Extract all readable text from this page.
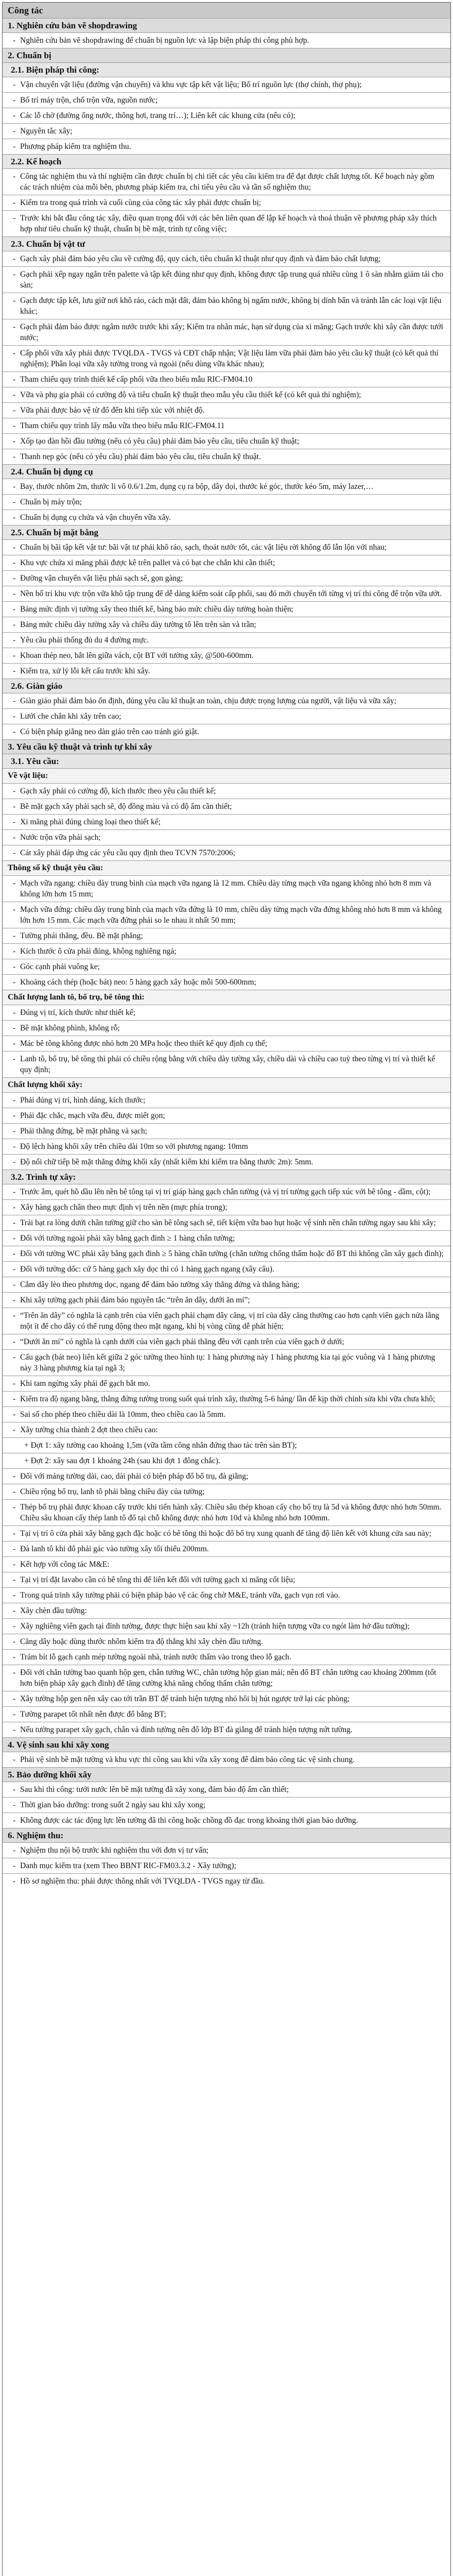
Công tác
1. Nghiên cứu bản vẽ shopdrawing
- Nghiên cứu bản vẽ shopdrawing để chuẩn bị nguồn lực và lập biện pháp thi công phù hợp.
2. Chuẩn bị
2.1. Biện pháp thi công:
- Vận chuyển vật liệu (đường vận chuyển) và khu vực tập kết vật liệu; Bố trí nguồn lực (thợ chính, thợ phụ);
- Bố trí máy trộn, chổ trộn vữa, nguồn nước;
- Các lỗ chờ (đường ống nước, thông hơi, trang trí…); Liên kết các khung cửa (nếu có);
- Nguyên tắc xây;
- Phương pháp kiểm tra nghiệm thu.
2.2. Kế hoạch
- Công tác nghiệm thu và thí nghiệm cần được chuẩn bị chi tiết các yêu cầu kiểm tra để đạt được chất lượng tốt. Kế hoạch này gồm các trách nhiệm của mỗi bên, phương pháp kiểm tra, chỉ tiêu yêu cầu và tần số nghiệm thu;
- Kiểm tra trong quá trình và cuối cùng của công tác xây phải được chuẩn bị;
- Trước khi bắt đầu công tác xây, điều quan trọng đối với các bên liên quan để lập kế hoạch và thoả thuận về phương pháp xây thích hợp như tiêu chuẩn kỹ thuật, chuẩn bị bề mặt, trình tự công việc;
2.3. Chuẩn bị vật tư
- Gạch xây phải đảm bảo yêu cầu về cường độ, quy cách, tiêu chuẩn kĩ thuật như quy định và đảm bảo chất lượng;
- Gạch phải xếp ngay ngắn trên palette và tập kết đúng như quy định, không được tập trung quá nhiều cùng 1 ô sàn nhằm giảm tải cho sàn;
- Gạch được tập kết, lưu giữ nơi khô ráo, cách mặt đất, đảm bảo không bị ngấm nước, không bị dính bẩn và tránh lẫn các loại vật liệu khác;
- Gạch phải đảm bảo được ngâm nước trước khi xây; Kiểm tra nhãn mác, hạn sử dụng của xi măng; Gạch trước khi xây cần được tưới nước;
- Cấp phối vữa xây phải được TVQLDA - TVGS và CĐT chấp nhận; Vật liệu làm vữa phải đảm bảo yêu cầu kỹ thuật (có kết quả thí nghiệm); Phân loại vữa xây tường trong và ngoài (nếu dùng vữa khác nhau);
- Tham chiếu quy trình thiết kế cấp phối vữa theo biểu mẫu RIC-FM04.10
- Vữa và phụ gia phải có cường độ và tiêu chuẩn kỹ thuật theo mẫu yêu cầu thiết kế (có kết quả thí nghiệm);
- Vữa phải được bảo vệ từ đổ đến khi tiếp xúc với nhiệt độ.
- Tham chiếu quy trình lấy mẫu vữa theo biểu mẫu RIC-FM04.11
- Xốp tạo đàn hồi đầu tường (nếu có yêu cầu) phải đảm bảo yêu cầu, tiêu chuẩn kỹ thuật;
- Thanh nẹp góc (nếu có yêu cầu) phải đảm bảo yêu cầu, tiêu chuẩn kỹ thuật.
2.4. Chuẩn bị dụng cụ
- Bay, thước nhôm 2m, thước li vô 0.6/1.2m, dụng cụ ra bộp, dây dọi, thước kẻ góc, thước kéo 5m, máy lazer,…
- Chuẩn bị máy trộn;
- Chuẩn bị dụng cụ chứa và vận chuyển vữa xây.
2.5. Chuẩn bị mặt bằng
- Chuẩn bị bãi tập kết vật tư: bãi vật tư phải khô ráo, sạch, thoát nước tốt, các vật liệu rời không đổ lẫn lộn với nhau;
- Khu vực chứa xi măng phải được kê trên pallet và có bạt che chắn khi cần thiết;
- Đường vận chuyển vật liệu phải sạch sẽ, gọn gàng;
- Nền bố trí khu vực trộn vữa khô tập trung để dễ dàng kiểm soát cấp phối, sau đó mới chuyển tới từng vị trí thi công để trộn vữa ướt.
- Bảng mức định vị tường xây theo thiết kế, bảng bảo mức chiều dày tường hoàn thiện;
- Bảng mức chiều dày tường xây và chiều dày tường tô lên trên sàn và trần;
- Yêu cầu phải thống đủ du 4 đường mực.
- Khoan thép neo, bắt lên giữa vách, cột BT với tường xây, @500-600mm.
- Kiểm tra, xử lý lỗi kết cấu trước khi xây.
2.6. Giàn giáo
- Giàn giáo phải đảm bảo ổn định, đúng yêu cầu kĩ thuật an toàn, chịu được trọng lượng của người, vật liệu và vữa xây;
- Lưới che chắn khi xây trên cao;
- Có biện pháp giằng neo dàn giáo trên cao tránh gió giật.
3. Yêu cầu kỹ thuật và trình tự khi xây
3.1. Yêu cầu:
Về vật liệu:
- Gạch xây phải có cường độ, kích thước theo yêu cầu thiết kế;
- Bề mặt gạch xây phải sạch sẽ, độ đồng màu và có độ ẩm cần thiết;
- Xi măng phải đúng chủng loại theo thiết kế;
- Nước trộn vữa phải sạch;
- Cát xây phải đáp ứng các yêu cầu quy định theo TCVN 7570:2006;
Thông số kỹ thuật yêu cầu:
- Mạch vữa ngang: chiều dày trung bình của mạch vữa ngang là 12 mm. Chiều dày từng mạch vữa ngang không nhỏ hơn 8 mm và không lớn hơn 15 mm;
- Mạch vữa đứng: chiều dày trung bình của mạch vữa đứng là 10 mm, chiều dày từng mạch vữa đứng không nhỏ hơn 8 mm và không lớn hơn 15 mm. Các mạch vữa đứng phải so le nhau ít nhất 50 mm;
- Tường phải thẳng, đều. Bề mặt phẳng;
- Kích thước ô cửa phải đúng, không nghiêng ngả;
- Góc cạnh phải vuông ke;
- Khoảng cách thép (hoặc bát) neo: 5 hàng gạch xây hoặc mỗi 500-600mm;
Chất lượng lanh tô, bổ trụ, bê tông thì:
- Đúng vị trí, kích thước như thiết kế;
- Bề mặt không phình, không rỗ;
- Mác bê tông không được nhỏ hơn 20 MPa hoặc theo thiết kế quy định cụ thể;
- Lanh tô, bổ trụ, bê tông thì phải có chiều rộng bằng với chiều dày tường xây, chiều dài và chiều cao tuỳ theo từng vị trí và thiết kế quy định;
Chất lượng khối xây:
- Phải đúng vị trí, hình dáng, kích thước;
- Phải đặc chắc, mạch vữa đều, được miết gọn;
- Phải thẳng đứng, bề mặt phẳng và sạch;
- Độ lệch hàng khối xây trên chiều dài 10m so với phương ngang: 10mm
- Độ nối chữ tiếp bề mặt thẳng đứng khối xây (nhất kiểm khi kiểm tra bằng thước 2m): 5mm.
3.2. Trình tự xây:
- Trước âm, quét hồ dầu lên nền bê tông tại vị trí giáp hàng gạch chân tường (và vị trí tường gạch tiếp xúc với bê tông - dầm, cột);
- Xây hàng gạch chân theo mực định vị trên nền (mực phía trong);
- Trải bạt ra lòng dưới chân tường giữ cho sàn bê tông sạch sẽ, tiết kiệm vữa bao hụt hoặc vệ sinh nền chân tường ngay sau khi xây;
- Đối với tường ngoài phải xây bằng gạch đinh ≥ 1 hàng chân tường;
- Đối với tường WC phải xây bằng gạch đinh ≥ 5 hàng chân tường (chân tường chống thấm hoặc đổ BT thì không cần xây gạch đinh);
- Đối với tường dốc: cứ 5 hàng gạch xây dọc thì có 1 hàng gạch ngang (xây câu).
- Cắm dây lèo theo phương dọc, ngang để đảm bảo tường xây thẳng đứng và thẳng hàng;
- Khi xây tường gạch phải đảm bảo nguyên tắc “trên ăn dây, dưới ăn mí”;
- “Trên ăn dây” có nghĩa là cạnh trên của viên gạch phải chạm dây căng, vị trí của dây căng thường cao hơn cạnh viên gạch nửa lằng một ít để cho dây có thể rung động theo mặt ngang, khi bị vòng cũng dễ phát hiện;
- “Dưới ăn mí” có nghĩa là cạnh dưới của viên gạch phải thẳng đều với cạnh trên của viên gạch ở dưới;
- Cấu gạch (bát neo) liên kết giữa 2 góc tường theo hình tụ: 1 hàng phương này 1 hàng phương kia tại góc vuông và 1 hàng phương này 3 hàng phương kia tại ngã 3;
- Khi tam ngừng xây phải để gạch bắt mo.
- Kiểm tra độ ngang bằng, thẳng đứng tường trong suốt quá trình xây, thường 5-6 hàng/ lần để kịp thời chỉnh sửa khi vữa chưa khô;
- Sai số cho phép theo chiều dài là 10mm, theo chiều cao là 5mm.
- Xây tường chia thành 2 đợt theo chiều cao:
+ Đợt 1: xây tường cao khoảng 1,5m (vữa tầm công nhân đứng thao tác trên sàn BT);
+ Đợt 2: xây sau đợt 1 khoảng 24h (sau khi đợt 1 đông chắc).
- Đối với mảng tường dài, cao, dài phải có biện pháp đổ bổ trụ, đà giằng;
- Chiều rộng bổ trụ, lanh tô phải bằng chiều dày của tường;
- Thép bổ trụ phải được khoan cấy trước khi tiến hành xây. Chiều sâu thép khoan cấy cho bổ trụ là 5d và không được nhỏ hơn 50mm. Chiều sâu khoan cấy thép lanh tô đổ tại chỗ không được nhỏ hơn 10d và không nhỏ hơn 100mm.
- Tại vị trí ô cửa phải xây bằng gạch đặc hoặc có bê tông thì hoặc đổ bổ trụ xung quanh để tăng độ liên kết với khung cửa sau này;
- Đà lanh tô khi đổ phải gác vào tường xây tối thiểu 200mm.
- Kết hợp với công tác M&E:
- Tại vị trí đặt lavabo cần có bê tông thì để liên kết đối với tường gạch xi măng cốt liệu;
- Trong quá trình xây tường phải có biện pháp bảo vệ các ống chờ M&E, tránh vữa, gạch vụn rơi vào.
- Xây chèn đầu tường:
- Xây nghiêng viên gạch tại đỉnh tường, được thực hiện sau khi xây ~12h (tránh hiện tượng vữa co ngót làm hở đầu tường);
- Căng dây hoặc dùng thước nhôm kiểm tra độ thẳng khi xây chèn đầu tường.
- Trám bít lỗ gạch cạnh mép tường ngoài nhà, tránh nước thấm vào trong theo lỗ gạch.
- Đối với chân tường bao quanh hộp gen, chân tường WC, chân tường hộp gian mái; nên đổ BT chân tường cao khoảng 200mm (tốt hơn biện pháp xây gạch đinh) để tăng cường khả năng chống thấm chân tường;
- Xây tường hộp gen nên xây cao tới trần BT để tránh hiện tượng nhỏ hôi bị hút ngược trở lại các phòng;
- Tường parapet tốt nhất nên được đổ bằng BT;
- Nếu tường parapet xây gạch, chân và đỉnh tường nên đổ lớp BT đà giằng để tránh hiện tượng nứt tường.
4. Vệ sinh sau khi xây xong
- Phải vệ sinh bề mặt tường và khu vực thi công sau khi vữa xây xong để đảm bảo công tác vệ sinh chung.
5. Bảo dưỡng khối xây
- Sau khi thi công: tưới nước lên bề mặt tường đã xây xong, đảm bảo độ ẩm cần thiết;
- Thời gian bảo dưỡng: trong suốt 2 ngày sau khi xây xong;
- Không được các tác động lực lên tường đã thi công hoặc chồng đồ đạc trong khoảng thời gian bảo dưỡng.
6. Nghiệm thu:
- Nghiệm thu nội bộ trước khi nghiệm thu với đơn vị tư vấn;
- Danh mục kiểm tra (xem Theo BBNT RIC-FM03.3.2 - Xây tường);
- Hồ sơ nghiệm thu: phải được thông nhất với TVQLDA - TVGS ngay từ đầu.
